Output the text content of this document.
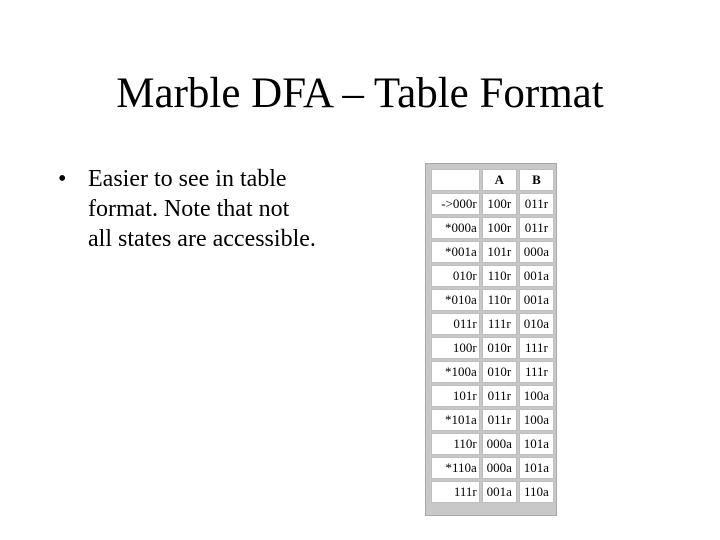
Marble DFA – Table Format
• Easier to see in table
format. Note that not
all states are accessible.
	A	B
->000r	100r	011r
*000a	100r	011r
*001a	101r	000a
010r	110r	001a
*010a	110r	001a
011r	111r	010a
100r	010r	111r
*100a	010r	111r
101r	011r	100a
*101a	011r	100a
110r	000a	101a
*110a	000a	101a
111r	001a	110a
